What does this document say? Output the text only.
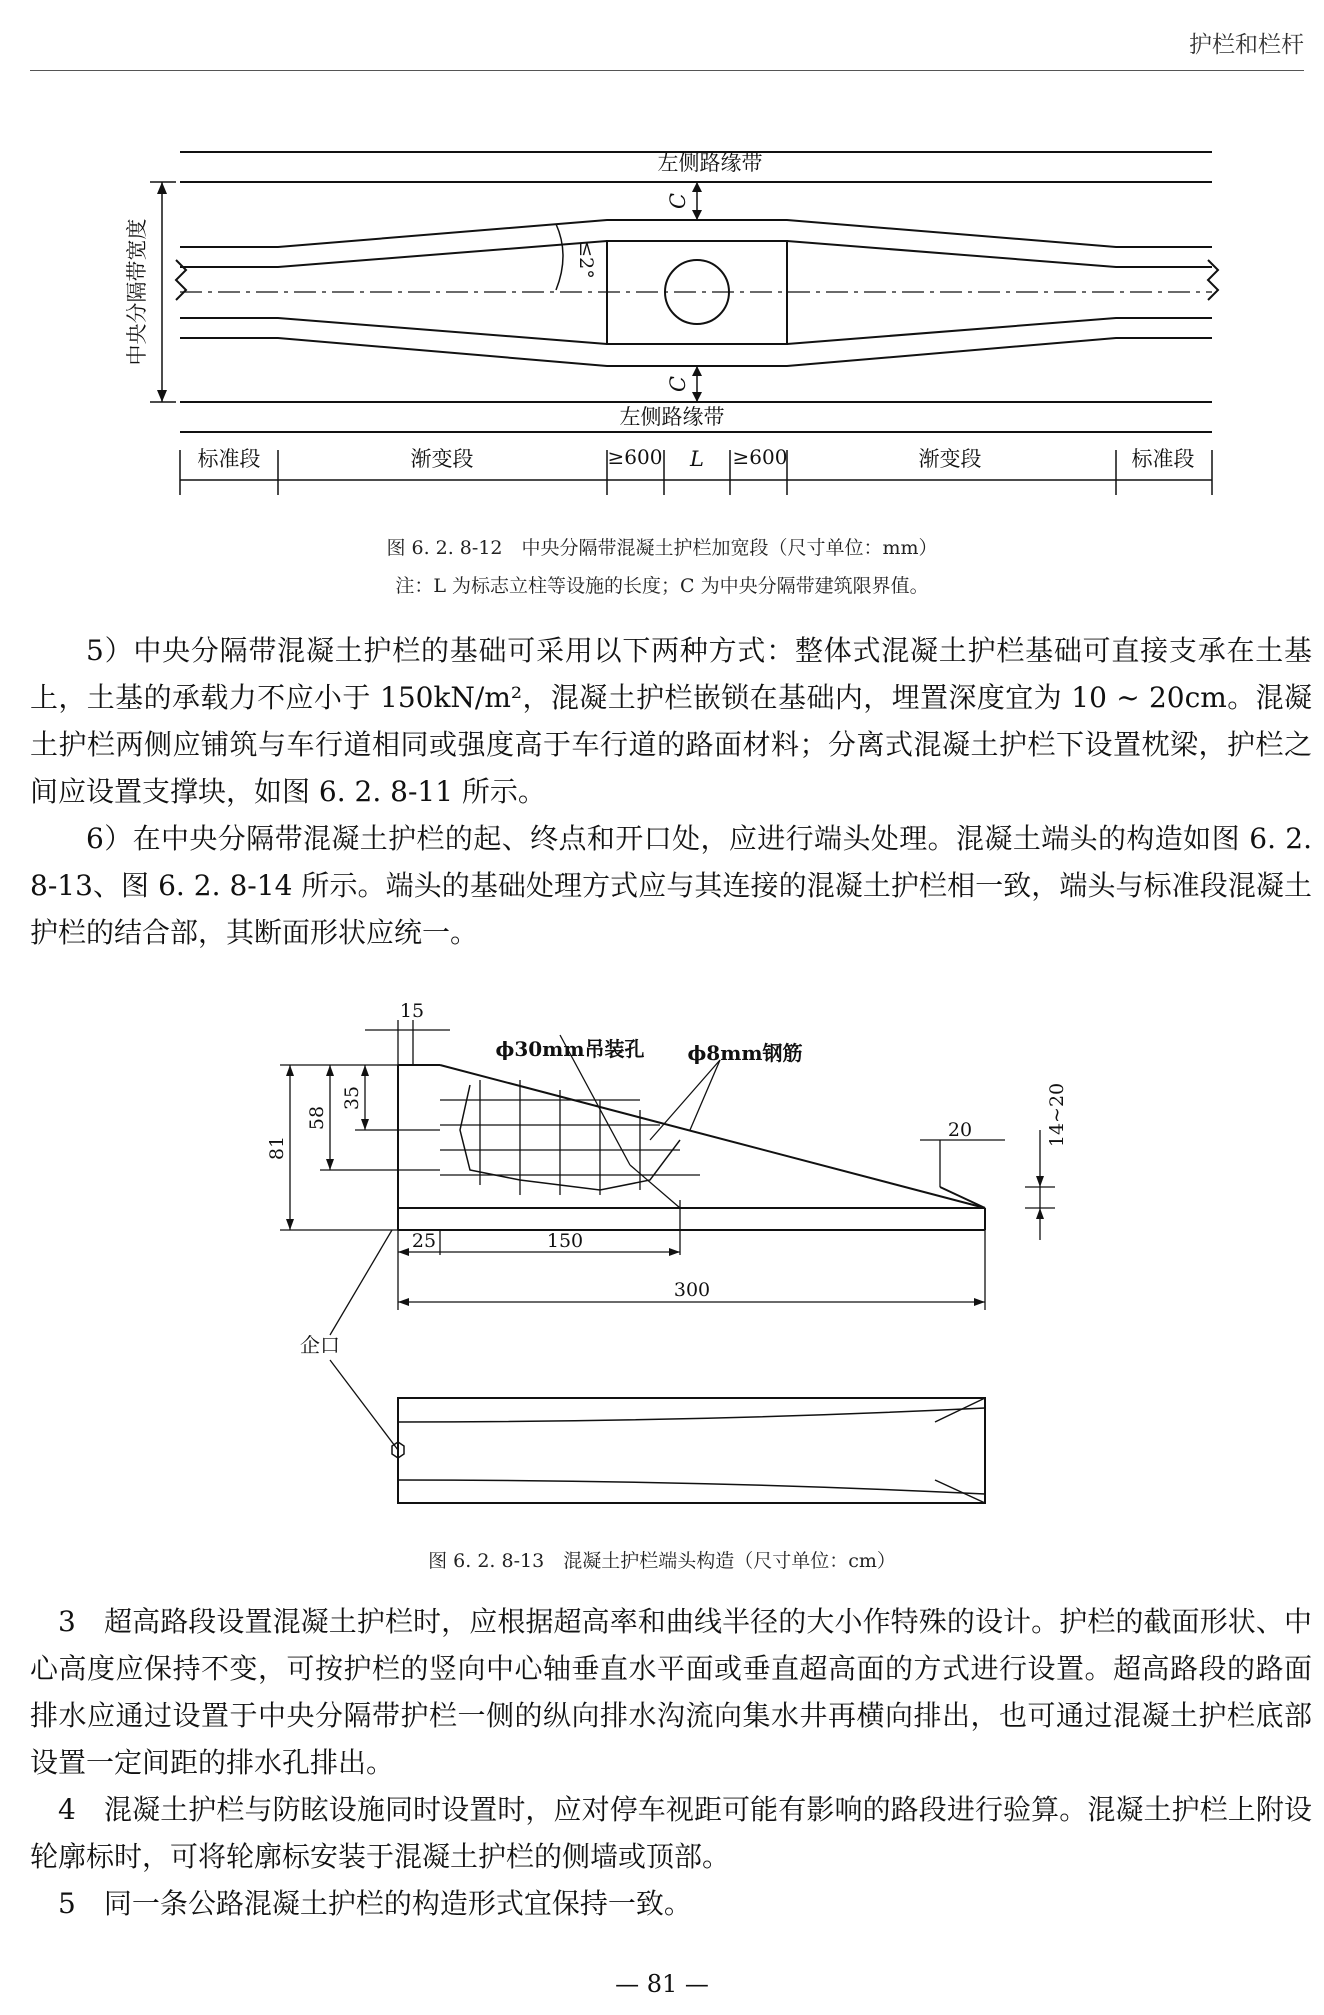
护栏和栏杆
左侧路缘带
左侧路缘带
中央分隔带宽度
C
C
≤2°
标准段	渐变段	≥600 L ≥600	渐变段	标准段
图 6. 2. 8-12　中央分隔带混凝土护栏加宽段（尺寸单位：mm）
注：L 为标志立柱等设施的长度；C 为中央分隔带建筑限界值。

5）中央分隔带混凝土护栏的基础可采用以下两种方式：整体式混凝土护栏基础可直接支承在土基上，土基的承载力不应小于 150kN/m²，混凝土护栏嵌锁在基础内，埋置深度宜为 10 ~ 20cm。混凝土护栏两侧应铺筑与车行道相同或强度高于车行道的路面材料；分离式混凝土护栏下设置枕梁，护栏之间应设置支撑块，如图 6. 2. 8-11 所示。

6）在中央分隔带混凝土护栏的起、终点和开口处，应进行端头处理。混凝土端头的构造如图 6. 2. 8-13、图 6. 2. 8-14 所示。端头的基础处理方式应与其连接的混凝土护栏相一致，端头与标准段混凝土护栏的结合部，其断面形状应统一。

15
ϕ30mm吊装孔 ϕ8mm钢筋
81
58
35
20	14~20
25	150
300
企口
图 6. 2. 8-13　混凝土护栏端头构造（尺寸单位：cm）

3　超高路段设置混凝土护栏时，应根据超高率和曲线半径的大小作特殊的设计。护栏的截面形状、中心高度应保持不变，可按护栏的竖向中心轴垂直水平面或垂直超高面的方式进行设置。超高路段的路面排水应通过设置于中央分隔带护栏一侧的纵向排水沟流向集水井再横向排出，也可通过混凝土护栏底部设置一定间距的排水孔排出。

4　混凝土护栏与防眩设施同时设置时，应对停车视距可能有影响的路段进行验算。混凝土护栏上附设轮廓标时，可将轮廓标安装于混凝土护栏的侧墙或顶部。

5　同一条公路混凝土护栏的构造形式宜保持一致。

— 81 —
